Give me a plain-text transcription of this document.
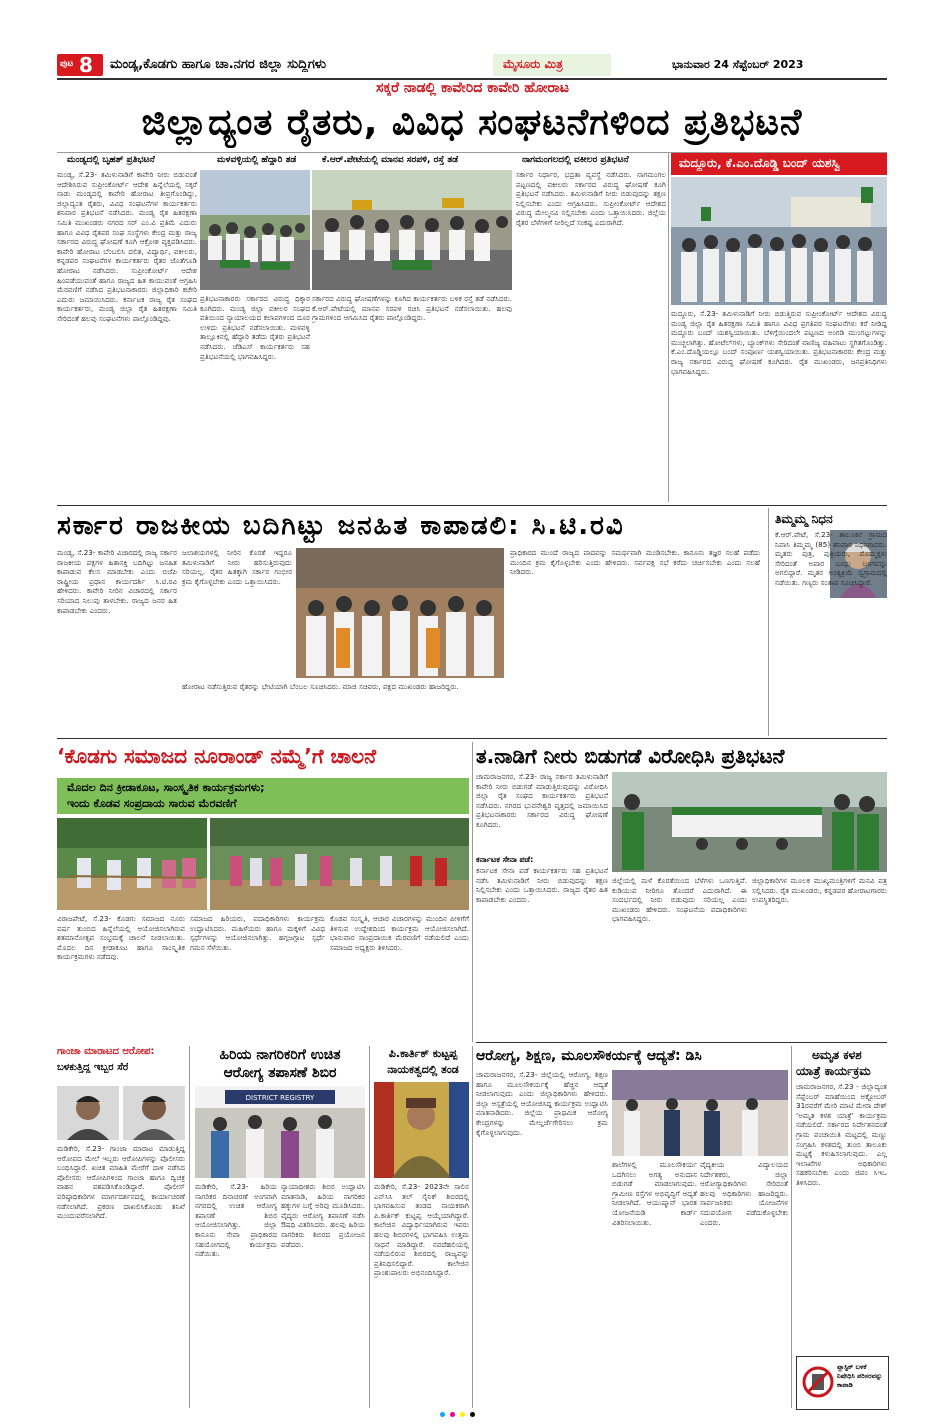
ಪುಟ 8 ಮಂಡ್ಯ,ಕೊಡಗು ಹಾಗೂ ಚಾ.ನಗರ ಜಿಲ್ಲಾ ಸುದ್ದಿಗಳು	ಮೈಸೂರು ಮಿತ್ರ	ಭಾನುವಾರ 24 ಸೆಪ್ಟೆಂಬರ್ 2023
ಸಕ್ಕರೆ ನಾಡಲ್ಲಿ ಕಾವೇರಿದ ಕಾವೇರಿ ಹೋರಾಟ
ಜಿಲ್ಲಾದ್ಯಂತ ರೈತರು, ವಿವಿಧ ಸಂಘಟನೆಗಳಿಂದ ಪ್ರತಿಭಟನೆ
ಮಂಡ್ಯದಲ್ಲಿ ಬೃಹತ್ ಪ್ರತಿಭಟನೆ	ಮಳವಳ್ಳಿಯಲ್ಲಿ ಹೆದ್ದಾರಿ ತಡೆ	ಕೆ.ಆರ್.ಪೇಟೆಯಲ್ಲಿ ಮಾನವ ಸರಪಳಿ, ರಸ್ತೆ ತಡೆ	ನಾಗಮಂಗಲದಲ್ಲಿ ವಕೀಲರ ಪ್ರತಿಭಟನೆ
ಮಂಡ್ಯ, ಸೆ.23- ತಮಿಳುನಾಡಿಗೆ ಕಾವೇರಿ ನೀರು ಬಿಡುವಂತೆ ಆದೇಶಿಸಿರುವ ಸುಪ್ರೀಂಕೋರ್ಟ್ ಆದೇಶ ಹಿನ್ನೆಲೆಯಲ್ಲಿ ಸಕ್ಕರೆ ನಾಡು ಮಂಡ್ಯದಲ್ಲಿ ಕಾವೇರಿ ಹೋರಾಟ ತೀವ್ರಗೊಂಡಿದ್ದು, ಜಿಲ್ಲಾದ್ಯಂತ ರೈತರು, ವಿವಿಧ ಸಂಘಟನೆಗಳ ಕಾರ್ಯಕರ್ತರು ಶನಿವಾರ ಪ್ರತಿಭಟನೆ ನಡೆಸಿದರು. ಮಂಡ್ಯ ರೈತ ಹಿತರಕ್ಷಣಾ ಸಮಿತಿ ಮುಖಂಡರು ನಗರದ ಸರ್ ಎಂ.ವಿ ಪ್ರತಿಮೆ ಎದುರು ಹಾಗೂ ವಿವಿಧ ರೈತಪರ ಸಂಘ ಸಂಸ್ಥೆಗಳು ಕೇಂದ್ರ ಮತ್ತು ರಾಜ್ಯ ಸರ್ಕಾರದ ವಿರುದ್ಧ ಘೋಷಣೆ ಕೂಗಿ ಆಕ್ರೋಶ ವ್ಯಕ್ತಪಡಿಸಿದರು. ಕಾವೇರಿ ಹೋರಾಟ ಬೆಂಬಲಿಸಿ ದಲಿತ, ವಿದ್ಯಾರ್ಥಿ, ವಕೀಲರು, ಕನ್ನಡಪರ ಸಂಘಟನೆಗಳ ಕಾರ್ಯಕರ್ತರು ರೈತರ ಜೊತೆಗೂಡಿ ಹೋರಾಟ ನಡೆಸಿದರು. ಸುಪ್ರೀಂಕೋರ್ಟ್ ಆದೇಶ ಹಿಂಪಡೆಯುವಂತೆ ಹಾಗೂ ರಾಜ್ಯದ ಹಿತ ಕಾಯುವಂತೆ ಆಗ್ರಹಿಸಿ ಮೆರವಣಿಗೆ ನಡೆಸಿದ ಪ್ರತಿಭಟನಾಕಾರರು ಜಿಲ್ಲಾಧಿಕಾರಿ ಕಚೇರಿ ಎದುರು ಜಮಾಯಿಸಿದರು. ಕರ್ನಾಟಕ ರಾಜ್ಯ ರೈತ ಸಂಘದ ಕಾರ್ಯಕರ್ತರು, ಮಂಡ್ಯ ಜಿಲ್ಲಾ ರೈತ ಹಿತರಕ್ಷಣಾ ಸಮಿತಿ ಸೇರಿದಂತೆ ಹಲವು ಸಂಘಟನೆಗಳು ಪಾಲ್ಗೊಂಡಿದ್ದವು.
ಪ್ರತಿಭಟನಾಕಾರರು ಸರ್ಕಾರದ ವಿರುದ್ಧ ಧಿಕ್ಕಾರ ಕೂಗಿದರು. ಮಂಡ್ಯ ಜಿಲ್ಲಾ ವಕೀಲರ ಸಂಘದ ವತಿಯಿಂದ ನ್ಯಾಯಾಲಯದ ಕಲಾಪಗಳಿಂದ ದೂರ ಉಳಿದು ಪ್ರತಿಭಟನೆ ನಡೆಸಲಾಯಿತು. ಮಳವಳ್ಳಿ ತಾಲ್ಲೂಕಿನಲ್ಲಿ ಹೆದ್ದಾರಿ ತಡೆದು ರೈತರು ಪ್ರತಿಭಟನೆ ನಡೆಸಿದರು. ಜೆಡಿಎಸ್ ಕಾರ್ಯಕರ್ತರು ಸಹ ಪ್ರತಿಭಟನೆಯಲ್ಲಿ ಭಾಗವಹಿಸಿದ್ದರು.
ಸರ್ಕಾರದ ವಿರುದ್ಧ ಘೋಷಣೆಗಳನ್ನು ಕೂಗಿದ ಕಾರ್ಯಕರ್ತರು ಬಳಿಕ ರಸ್ತೆ ತಡೆ ನಡೆಸಿದರು. ಕೆ.ಆರ್.ಪೇಟೆಯಲ್ಲಿ ಮಾನವ ಸರಪಳಿ ರಚಿಸಿ ಪ್ರತಿಭಟನೆ ನಡೆಸಲಾಯಿತು. ಹಲವು ಗ್ರಾಮಗಳಿಂದ ಆಗಮಿಸಿದ ರೈತರು ಪಾಲ್ಗೊಂಡಿದ್ದರು.
ಸರ್ಕಾರ ನಿರ್ಧಾರ, ಭದ್ರತಾ ವ್ಯವಸ್ಥೆ ನಡೆಸಿದರು. ನಾಗಮಂಗಲ ಪಟ್ಟಣದಲ್ಲಿ ವಕೀಲರು ಸರ್ಕಾರದ ವಿರುದ್ಧ ಘೋಷಣೆ ಕೂಗಿ ಪ್ರತಿಭಟನೆ ನಡೆಸಿದರು. ತಮಿಳುನಾಡಿಗೆ ನೀರು ಬಿಡುವುದನ್ನು ತಕ್ಷಣ ನಿಲ್ಲಿಸಬೇಕು ಎಂದು ಆಗ್ರಹಿಸಿದರು. ಸುಪ್ರೀಂಕೋರ್ಟ್ ಆದೇಶದ ವಿರುದ್ಧ ಮೇಲ್ಮನವಿ ಸಲ್ಲಿಸಬೇಕು ಎಂದು ಒತ್ತಾಯಿಸಿದರು. ಜಿಲ್ಲೆಯ ರೈತರ ಬೆಳೆಗಳಿಗೆ ನೀರಿಲ್ಲದೆ ಸಂಕಷ್ಟ ಎದುರಾಗಿದೆ.
ಮದ್ದೂರು, ಕೆ.ಎಂ.ದೊಡ್ಡಿ ಬಂದ್ ಯಶಸ್ವಿ
ಮದ್ದೂರು, ಸೆ.23- ತಮಿಳುನಾಡಿಗೆ ನೀರು ಬಿಡುತ್ತಿರುವ ಸುಪ್ರೀಂಕೋರ್ಟ್ ಆದೇಶದ ವಿರುದ್ಧ ಮಂಡ್ಯ ಜಿಲ್ಲಾ ರೈತ ಹಿತರಕ್ಷಣಾ ಸಮಿತಿ ಹಾಗೂ ವಿವಿಧ ಪ್ರಗತಿಪರ ಸಂಘಟನೆಗಳು ಕರೆ ನೀಡಿದ್ದ ಮದ್ದೂರು ಬಂದ್ ಯಶಸ್ವಿಯಾಯಿತು. ಬೆಳಿಗ್ಗೆಯಿಂದಲೇ ಪಟ್ಟಣದ ಅಂಗಡಿ ಮುಂಗಟ್ಟುಗಳನ್ನು ಮುಚ್ಚಲಾಗಿತ್ತು. ಹೋಟೆಲ್‌ಗಳು, ಬ್ಯಾಂಕ್‌ಗಳು ಸೇರಿದಂತೆ ವಾಣಿಜ್ಯ ವಹಿವಾಟು ಸ್ಥಗಿತಗೊಂಡಿತ್ತು. ಕೆ.ಎಂ.ದೊಡ್ಡಿಯಲ್ಲೂ ಬಂದ್ ಸಂಪೂರ್ಣ ಯಶಸ್ವಿಯಾಯಿತು. ಪ್ರತಿಭಟನಾಕಾರರು ಕೇಂದ್ರ ಮತ್ತು ರಾಜ್ಯ ಸರ್ಕಾರದ ವಿರುದ್ಧ ಘೋಷಣೆ ಕೂಗಿದರು. ರೈತ ಮುಖಂಡರು, ಜನಪ್ರತಿನಿಧಿಗಳು ಭಾಗವಹಿಸಿದ್ದರು.
ಸರ್ಕಾರ ರಾಜಕೀಯ ಬದಿಗಿಟ್ಟು ಜನಹಿತ ಕಾಪಾಡಲಿ: ಸಿ.ಟಿ.ರವಿ
ಮಂಡ್ಯ, ಸೆ.23- ಕಾವೇರಿ ವಿಚಾರದಲ್ಲಿ ರಾಜ್ಯ ಸರ್ಕಾರ ರಾಜಕೀಯ ಪಕ್ಷಗಳ ಹಿತಾಸಕ್ತಿ ಬದಿಗಿಟ್ಟು ಜನಹಿತ ಕಾಪಾಡುವ ಕೆಲಸ ಮಾಡಬೇಕು ಎಂದು ಬಿಜೆಪಿ ರಾಷ್ಟ್ರೀಯ ಪ್ರಧಾನ ಕಾರ್ಯದರ್ಶಿ ಸಿ.ಟಿ.ರವಿ ಹೇಳಿದರು. ಕಾವೇರಿ ನೀರಿನ ವಿಚಾರದಲ್ಲಿ ಸರ್ಕಾರ ಸರಿಯಾದ ನಿಲುವು ತಾಳಬೇಕು. ರಾಜ್ಯದ ಜನರ ಹಿತ ಕಾಪಾಡಬೇಕು ಎಂದರು.
ಜಲಾಶಯಗಳಲ್ಲಿ ನೀರಿನ ಕೊರತೆ ಇದ್ದರೂ ತಮಿಳುನಾಡಿಗೆ ನೀರು ಹರಿಸುತ್ತಿರುವುದು ಸರಿಯಲ್ಲ. ರೈತರ ಹಿತಕ್ಕಾಗಿ ಸರ್ಕಾರ ಗಂಭೀರ ಕ್ರಮ ಕೈಗೊಳ್ಳಬೇಕು ಎಂದು ಒತ್ತಾಯಿಸಿದರು.
ಹೋರಾಟ ನಡೆಸುತ್ತಿರುವ ರೈತರನ್ನು ಭೇಟಿಯಾಗಿ ಬೆಂಬಲ ಸೂಚಿಸಿದರು. ಮಾಜಿ ಸಚಿವರು, ಪಕ್ಷದ ಮುಖಂಡರು ಹಾಜರಿದ್ದರು.
ಪ್ರಾಧಿಕಾರದ ಮುಂದೆ ರಾಜ್ಯದ ವಾದವನ್ನು ಸಮರ್ಥವಾಗಿ ಮಂಡಿಸಬೇಕು. ಕಾನೂನು ತಜ್ಞರ ಸಲಹೆ ಪಡೆದು ಮುಂದಿನ ಕ್ರಮ ಕೈಗೊಳ್ಳಬೇಕು ಎಂದು ಹೇಳಿದರು. ಸರ್ವಪಕ್ಷ ಸಭೆ ಕರೆದು ಚರ್ಚಿಸಬೇಕು ಎಂದು ಸಲಹೆ ನೀಡಿದರು.
ತಿಮ್ಮಮ್ಮ ನಿಧನ
ಕೆ.ಆರ್.ಪೇಟೆ, ಸೆ.23- ತಾಲೂಕಿನ ಗ್ರಾಮದ ನಿವಾಸಿ ತಿಮ್ಮಮ್ಮ (85) ಶನಿವಾರ ನಿಧನರಾದರು. ಮೃತರು ಪುತ್ರ, ಪುತ್ರಿಯರು, ಮೊಮ್ಮಕ್ಕಳು ಸೇರಿದಂತೆ ಅಪಾರ ಬಂಧು ಬಳಗವನ್ನು ಅಗಲಿದ್ದಾರೆ. ಮೃತರ ಅಂತ್ಯಕ್ರಿಯೆ ಸ್ವಗ್ರಾಮದಲ್ಲಿ ನಡೆಯಿತು. ಗಣ್ಯರು ಸಂತಾಪ ಸೂಚಿಸಿದ್ದಾರೆ.
‘ಕೊಡಗು ಸಮಾಜದ ನೂರಾಂಡ್ ನಮ್ಮೆ’ಗೆ ಚಾಲನೆ
ಮೊದಲ ದಿನ ಕ್ರೀಡಾಕೂಟ, ಸಾಂಸ್ಕೃತಿಕ ಕಾರ್ಯಕ್ರಮಗಳು;
ಇಂದು ಕೊಡವ ಸಂಪ್ರದಾಯ ಸಾರುವ ಮೆರವಣಿಗೆ
ವಿರಾಜಪೇಟೆ, ಸೆ.23- ಕೊಡಗು ಸಮಾಜದ ನೂರು ವರ್ಷ ತುಂಬಿದ ಹಿನ್ನೆಲೆಯಲ್ಲಿ ಆಯೋಜಿಸಲಾಗಿರುವ ಶತಮಾನೋತ್ಸವ ಸಂಭ್ರಮಕ್ಕೆ ಚಾಲನೆ ನೀಡಲಾಯಿತು. ಮೊದಲ ದಿನ ಕ್ರೀಡಾಕೂಟ ಹಾಗೂ ಸಾಂಸ್ಕೃತಿಕ ಕಾರ್ಯಕ್ರಮಗಳು ನಡೆದವು.
ಸಮಾಜದ ಹಿರಿಯರು, ಪದಾಧಿಕಾರಿಗಳು ಕಾರ್ಯಕ್ರಮ ಉದ್ಘಾಟಿಸಿದರು. ಮಹಿಳೆಯರು ಹಾಗೂ ಮಕ್ಕಳಿಗೆ ವಿವಿಧ ಸ್ಪರ್ಧೆಗಳನ್ನು ಆಯೋಜಿಸಲಾಗಿತ್ತು. ಹಗ್ಗಜಗ್ಗಾಟ ಸ್ಪರ್ಧೆ ಗಮನ ಸೆಳೆಯಿತು.
ಕೊಡವ ಸಂಸ್ಕೃತಿ, ಆಚಾರ ವಿಚಾರಗಳನ್ನು ಮುಂದಿನ ಪೀಳಿಗೆಗೆ ತಿಳಿಸುವ ಉದ್ದೇಶದಿಂದ ಕಾರ್ಯಕ್ರಮ ಆಯೋಜಿಸಲಾಗಿದೆ. ಭಾನುವಾರ ಸಾಂಪ್ರದಾಯಿಕ ಮೆರವಣಿಗೆ ನಡೆಯಲಿದೆ ಎಂದು ಸಮಾಜದ ಅಧ್ಯಕ್ಷರು ತಿಳಿಸಿದರು.
ತ.ನಾಡಿಗೆ ನೀರು ಬಿಡುಗಡೆ ವಿರೋಧಿಸಿ ಪ್ರತಿಭಟನೆ
ಚಾಮರಾಜನಗರ, ಸೆ.23- ರಾಜ್ಯ ಸರ್ಕಾರ ತಮಿಳುನಾಡಿಗೆ ಕಾವೇರಿ ನೀರು ಬಿಡುಗಡೆ ಮಾಡುತ್ತಿರುವುದನ್ನು ವಿರೋಧಿಸಿ ಜಿಲ್ಲಾ ರೈತ ಸಂಘದ ಕಾರ್ಯಕರ್ತರು ಪ್ರತಿಭಟನೆ ನಡೆಸಿದರು. ನಗರದ ಭುವನೇಶ್ವರಿ ವೃತ್ತದಲ್ಲಿ ಜಮಾಯಿಸಿದ ಪ್ರತಿಭಟನಾಕಾರರು ಸರ್ಕಾರದ ವಿರುದ್ಧ ಘೋಷಣೆ ಕೂಗಿದರು.
ಕರ್ನಾಟಕ ಸೇನಾ ಪಡೆ:
ಕರ್ನಾಟಕ ಸೇನಾ ಪಡೆ ಕಾರ್ಯಕರ್ತರು ಸಹ ಪ್ರತಿಭಟನೆ ನಡೆಸಿ ತಮಿಳುನಾಡಿಗೆ ನೀರು ಬಿಡುವುದನ್ನು ತಕ್ಷಣ ನಿಲ್ಲಿಸಬೇಕು ಎಂದು ಒತ್ತಾಯಿಸಿದರು. ರಾಜ್ಯದ ರೈತರ ಹಿತ ಕಾಪಾಡಬೇಕು ಎಂದರು.
ಜಿಲ್ಲೆಯಲ್ಲಿ ಮಳೆ ಕೊರತೆಯಿಂದ ಬೆಳೆಗಳು ಒಣಗುತ್ತಿವೆ. ಕುಡಿಯುವ ನೀರಿಗೂ ತೊಂದರೆ ಎದುರಾಗಿದೆ. ಈ ಸಂದರ್ಭದಲ್ಲಿ ನೀರು ಬಿಡುವುದು ಸರಿಯಲ್ಲ ಎಂದು ಮುಖಂಡರು ಹೇಳಿದರು. ಸಂಘಟನೆಯ ಪದಾಧಿಕಾರಿಗಳು ಭಾಗವಹಿಸಿದ್ದರು.
ಜಿಲ್ಲಾಧಿಕಾರಿಗಳ ಮೂಲಕ ಮುಖ್ಯಮಂತ್ರಿಗಳಿಗೆ ಮನವಿ ಪತ್ರ ಸಲ್ಲಿಸಿದರು. ರೈತ ಮುಖಂಡರು, ಕನ್ನಡಪರ ಹೋರಾಟಗಾರರು ಉಪಸ್ಥಿತರಿದ್ದರು.
ಆರೋಗ್ಯ, ಶಿಕ್ಷಣ, ಮೂಲಸೌಕರ್ಯಕ್ಕೆ ಆದ್ಯತೆ: ಡಿಸಿ
ಚಾಮರಾಜನಗರ, ಸೆ.23- ಜಿಲ್ಲೆಯಲ್ಲಿ ಆರೋಗ್ಯ, ಶಿಕ್ಷಣ ಹಾಗೂ ಮೂಲಸೌಕರ್ಯಕ್ಕೆ ಹೆಚ್ಚಿನ ಆದ್ಯತೆ ನೀಡಲಾಗುವುದು ಎಂದು ಜಿಲ್ಲಾಧಿಕಾರಿಗಳು ಹೇಳಿದರು. ಜಿಲ್ಲಾ ಆಸ್ಪತ್ರೆಯಲ್ಲಿ ಆಯೋಜಿಸಿದ್ದ ಕಾರ್ಯಕ್ರಮ ಉದ್ಘಾಟಿಸಿ ಮಾತನಾಡಿದರು. ಜಿಲ್ಲೆಯ ಪ್ರಾಥಮಿಕ ಆರೋಗ್ಯ ಕೇಂದ್ರಗಳನ್ನು ಮೇಲ್ದರ್ಜೆಗೇರಿಸಲು ಕ್ರಮ ಕೈಗೊಳ್ಳಲಾಗುವುದು.
ಶಾಲೆಗಳಲ್ಲಿ ಮೂಲಸೌಕರ್ಯ ಒದಗಿಸಲು ಅಗತ್ಯ ಅನುದಾನ ಬಿಡುಗಡೆ ಮಾಡಲಾಗುವುದು. ಗ್ರಾಮೀಣ ರಸ್ತೆಗಳ ಅಭಿವೃದ್ಧಿಗೆ ಆದ್ಯತೆ ನೀಡಲಾಗಿದೆ. ಆಯುಷ್ಮಾನ್ ಭಾರತ ಯೋಜನೆಯಡಿ ಕಾರ್ಡ್ ವಿತರಿಸಲಾಯಿತು.
ವೈದ್ಯಕೀಯ ವಿದ್ಯಾಲಯದ ನಿರ್ದೇಶಕರು, ಜಿಲ್ಲಾ ಆರೋಗ್ಯಾಧಿಕಾರಿಗಳು ಸೇರಿದಂತೆ ಹಲವು ಅಧಿಕಾರಿಗಳು ಹಾಜರಿದ್ದರು. ಸಾರ್ವಜನಿಕರು ಯೋಜನೆಗಳ ಸದುಪಯೋಗ ಪಡೆದುಕೊಳ್ಳಬೇಕು ಎಂದರು.
ಅಮೃತ ಕಳಶ
ಯಾತ್ರೆ ಕಾರ್ಯಕ್ರಮ
ಚಾಮರಾಜನಗರ, ಸೆ.23 - ಜಿಲ್ಲಾದ್ಯಂತ ಸೆಪ್ಟೆಂಬರ್ ಮಾಹೆಯಿಂದ ಅಕ್ಟೋಬರ್ 31ರವರೆಗೆ ಮೇರಿ ಮಾಟಿ ಮೇರಾ ದೇಶ್ ‘ಅಮೃತ ಕಳಶ ಯಾತ್ರೆ’ ಕಾರ್ಯಕ್ರಮ ನಡೆಯಲಿದೆ. ಸರ್ಕಾರದ ನಿರ್ದೇಶನದಂತೆ ಗ್ರಾಮ ಪಂಚಾಯಿತಿ ಮಟ್ಟದಲ್ಲಿ ಮಣ್ಣು ಸಂಗ್ರಹಿಸಿ ಕಳಶದಲ್ಲಿ ತುಂಬಿ ತಾಲೂಕು ಮಟ್ಟಕ್ಕೆ ಕಳುಹಿಸಲಾಗುವುದು. ಎಲ್ಲ ಇಲಾಖೆಗಳ ಅಧಿಕಾರಿಗಳು ಸಹಕರಿಸಬೇಕು ಎಂದು ಜಿಪಂ ಸಿಇಒ ತಿಳಿಸಿದರು.
ಪ್ಲಾಸ್ಟಿಕ್ ಬಳಕೆ ನಿಷೇಧಿಸಿ ಪರಿಸರವನ್ನು ಕಾಪಾಡಿ
ಗಾಂಜಾ ಮಾರಾಟದ ಆರೋಪ:
ಬಳಕುತ್ತಿದ್ದ ಇಬ್ಬರ ಸೆರೆ
ಮಡಿಕೇರಿ, ಸೆ.23- ಗಾಂಜಾ ಮಾರಾಟ ಮಾಡುತ್ತಿದ್ದ ಆರೋಪದ ಮೇಲೆ ಇಬ್ಬರು ಆರೋಪಿಗಳನ್ನು ಪೊಲೀಸರು ಬಂಧಿಸಿದ್ದಾರೆ. ಖಚಿತ ಮಾಹಿತಿ ಮೇರೆಗೆ ದಾಳಿ ನಡೆಸಿದ ಪೊಲೀಸರು ಆರೋಪಿಗಳಿಂದ ಗಾಂಜಾ ಹಾಗೂ ದ್ವಿಚಕ್ರ ವಾಹನ ವಶಪಡಿಸಿಕೊಂಡಿದ್ದಾರೆ. ಪೊಲೀಸ್ ವರಿಷ್ಠಾಧಿಕಾರಿಗಳ ಮಾರ್ಗದರ್ಶನದಲ್ಲಿ ಕಾರ್ಯಾಚರಣೆ ನಡೆಸಲಾಗಿದೆ. ಪ್ರಕರಣ ದಾಖಲಿಸಿಕೊಂಡು ತನಿಖೆ ಮುಂದುವರೆಸಲಾಗಿದೆ.
ಹಿರಿಯ ನಾಗರಿಕರಿಗೆ ಉಚಿತ
ಆರೋಗ್ಯ ತಪಾಸಣೆ ಶಿಬಿರ
DISTRICT REGISTRY
ಮಡಿಕೇರಿ, ಸೆ.23- ಹಿರಿಯ ನಾಗರಿಕರ ದಿನಾಚರಣೆ ಅಂಗವಾಗಿ ನಗರದಲ್ಲಿ ಉಚಿತ ಆರೋಗ್ಯ ತಪಾಸಣೆ ಶಿಬಿರ ಆಯೋಜಿಸಲಾಗಿತ್ತು. ಜಿಲ್ಲಾ ಕಾನೂನು ಸೇವಾ ಪ್ರಾಧಿಕಾರದ ಸಹಯೋಗದಲ್ಲಿ ಕಾರ್ಯಕ್ರಮ ನಡೆಯಿತು.
ನ್ಯಾಯಾಧೀಶರು ಶಿಬಿರ ಉದ್ಘಾಟಿಸಿ ಮಾತನಾಡಿ, ಹಿರಿಯ ನಾಗರಿಕರ ಹಕ್ಕುಗಳ ಬಗ್ಗೆ ಅರಿವು ಮೂಡಿಸಿದರು. ವೈದ್ಯರು ಆರೋಗ್ಯ ತಪಾಸಣೆ ನಡೆಸಿ ಔಷಧಿ ವಿತರಿಸಿದರು. ಹಲವು ಹಿರಿಯ ನಾಗರಿಕರು ಶಿಬಿರದ ಪ್ರಯೋಜನ ಪಡೆದರು.
ಪಿ.ಕಾರ್ತಿಕ್ ಕುಟ್ಟಪ್ಪ
ನಾಯಕತ್ವದಲ್ಲಿ ತಂಡ
ಮಡಿಕೇರಿ, ಸೆ.23- 2023ನೇ ಸಾಲಿನ ಎನ್‌ಸಿಸಿ ತಲ್ ಸೈನಿಕ್ ಶಿಬಿರದಲ್ಲಿ ಭಾಗವಹಿಸುವ ತಂಡದ ನಾಯಕರಾಗಿ ಪಿ.ಕಾರ್ತಿಕ್ ಕುಟ್ಟಪ್ಪ ಆಯ್ಕೆಯಾಗಿದ್ದಾರೆ. ಕಾಲೇಜಿನ ವಿದ್ಯಾರ್ಥಿಯಾಗಿರುವ ಇವರು ಹಲವು ಶಿಬಿರಗಳಲ್ಲಿ ಭಾಗವಹಿಸಿ ಉತ್ತಮ ಸಾಧನೆ ಮಾಡಿದ್ದಾರೆ. ನವದೆಹಲಿಯಲ್ಲಿ ನಡೆಯಲಿರುವ ಶಿಬಿರದಲ್ಲಿ ರಾಜ್ಯವನ್ನು ಪ್ರತಿನಿಧಿಸಲಿದ್ದಾರೆ. ಕಾಲೇಜಿನ ಪ್ರಾಂಶುಪಾಲರು ಅಭಿನಂದಿಸಿದ್ದಾರೆ.
